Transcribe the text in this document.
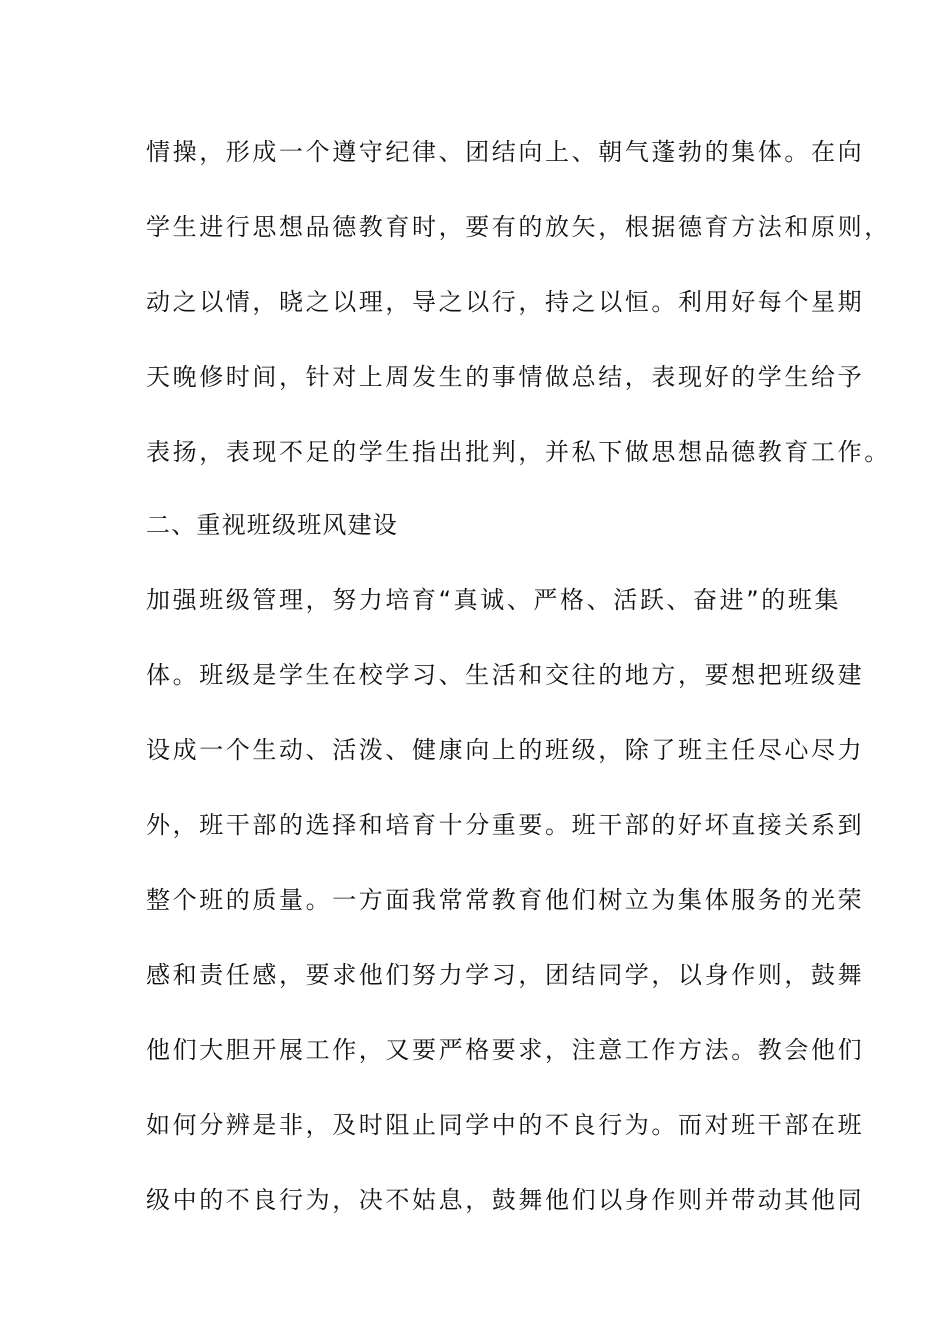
情操，形成一个遵守纪律、团结向上、朝气蓬勃的集体。在向
学生进行思想品德教育时，要有的放矢，根据德育方法和原则，
动之以情，晓之以理，导之以行，持之以恒。利用好每个星期
天晚修时间，针对上周发生的事情做总结，表现好的学生给予
表扬，表现不足的学生指出批判，并私下做思想品德教育工作。
二、重视班级班风建设
加强班级管理，努力培育“真诚、严格、活跃、奋进”的班集
体。班级是学生在校学习、生活和交往的地方，要想把班级建
设成一个生动、活泼、健康向上的班级，除了班主任尽心尽力
外，班干部的选择和培育十分重要。班干部的好坏直接关系到
整个班的质量。一方面我常常教育他们树立为集体服务的光荣
感和责任感，要求他们努力学习，团结同学，以身作则，鼓舞
他们大胆开展工作，又要严格要求，注意工作方法。教会他们
如何分辨是非，及时阻止同学中的不良行为。而对班干部在班
级中的不良行为，决不姑息，鼓舞他们以身作则并带动其他同
